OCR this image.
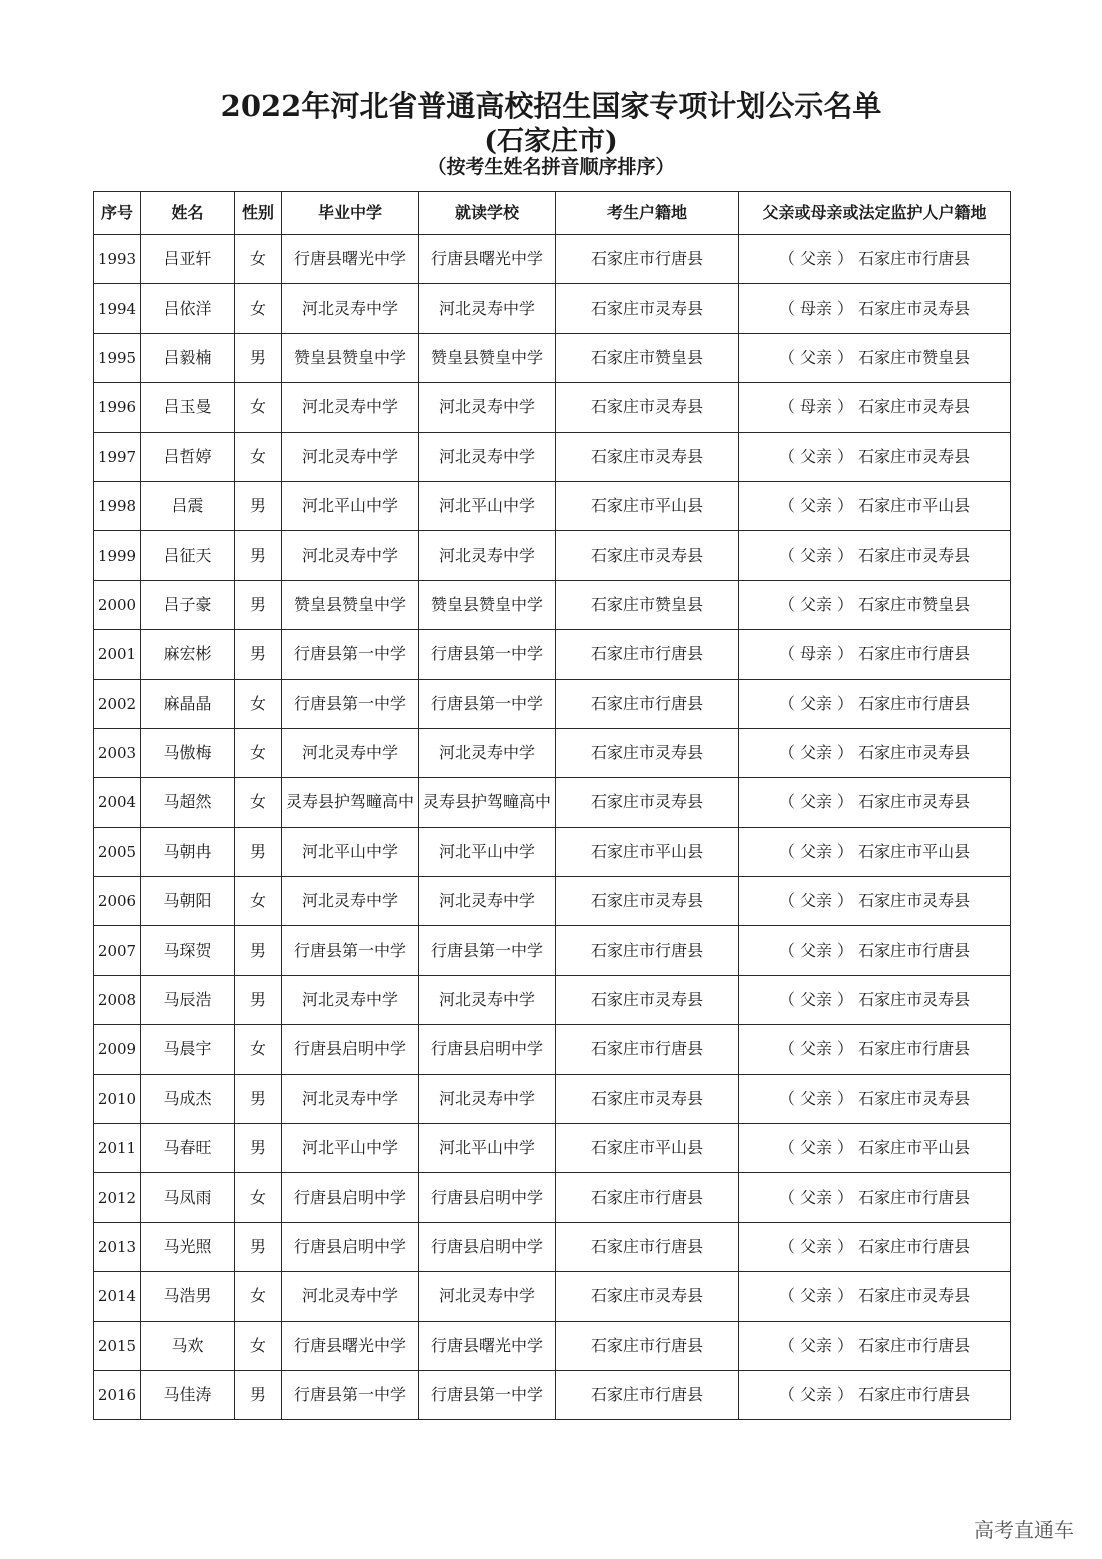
2022年河北省普通高校招生国家专项计划公示名单
(石家庄市)
（按考生姓名拼音顺序排序）
序号	姓名	性别	毕业中学	就读学校	考生户籍地	父亲或母亲或法定监护人户籍地
1993	吕亚轩	女	行唐县曙光中学	行唐县曙光中学	石家庄市行唐县	（ 父亲 ） 石家庄市行唐县
1994	吕依洋	女	河北灵寿中学	河北灵寿中学	石家庄市灵寿县	（ 母亲 ） 石家庄市灵寿县
1995	吕毅楠	男	赞皇县赞皇中学	赞皇县赞皇中学	石家庄市赞皇县	（ 父亲 ） 石家庄市赞皇县
1996	吕玉曼	女	河北灵寿中学	河北灵寿中学	石家庄市灵寿县	（ 母亲 ） 石家庄市灵寿县
1997	吕哲婷	女	河北灵寿中学	河北灵寿中学	石家庄市灵寿县	（ 父亲 ） 石家庄市灵寿县
1998	吕震	男	河北平山中学	河北平山中学	石家庄市平山县	（ 父亲 ） 石家庄市平山县
1999	吕征天	男	河北灵寿中学	河北灵寿中学	石家庄市灵寿县	（ 父亲 ） 石家庄市灵寿县
2000	吕子豪	男	赞皇县赞皇中学	赞皇县赞皇中学	石家庄市赞皇县	（ 父亲 ） 石家庄市赞皇县
2001	麻宏彬	男	行唐县第一中学	行唐县第一中学	石家庄市行唐县	（ 母亲 ） 石家庄市行唐县
2002	麻晶晶	女	行唐县第一中学	行唐县第一中学	石家庄市行唐县	（ 父亲 ） 石家庄市行唐县
2003	马傲梅	女	河北灵寿中学	河北灵寿中学	石家庄市灵寿县	（ 父亲 ） 石家庄市灵寿县
2004	马超然	女	灵寿县护驾疃高中	灵寿县护驾疃高中	石家庄市灵寿县	（ 父亲 ） 石家庄市灵寿县
2005	马朝冉	男	河北平山中学	河北平山中学	石家庄市平山县	（ 父亲 ） 石家庄市平山县
2006	马朝阳	女	河北灵寿中学	河北灵寿中学	石家庄市灵寿县	（ 父亲 ） 石家庄市灵寿县
2007	马琛贺	男	行唐县第一中学	行唐县第一中学	石家庄市行唐县	（ 父亲 ） 石家庄市行唐县
2008	马辰浩	男	河北灵寿中学	河北灵寿中学	石家庄市灵寿县	（ 父亲 ） 石家庄市灵寿县
2009	马晨宇	女	行唐县启明中学	行唐县启明中学	石家庄市行唐县	（ 父亲 ） 石家庄市行唐县
2010	马成杰	男	河北灵寿中学	河北灵寿中学	石家庄市灵寿县	（ 父亲 ） 石家庄市灵寿县
2011	马春旺	男	河北平山中学	河北平山中学	石家庄市平山县	（ 父亲 ） 石家庄市平山县
2012	马凤雨	女	行唐县启明中学	行唐县启明中学	石家庄市行唐县	（ 父亲 ） 石家庄市行唐县
2013	马光照	男	行唐县启明中学	行唐县启明中学	石家庄市行唐县	（ 父亲 ） 石家庄市行唐县
2014	马浩男	女	河北灵寿中学	河北灵寿中学	石家庄市灵寿县	（ 父亲 ） 石家庄市灵寿县
2015	马欢	女	行唐县曙光中学	行唐县曙光中学	石家庄市行唐县	（ 父亲 ） 石家庄市行唐县
2016	马佳涛	男	行唐县第一中学	行唐县第一中学	石家庄市行唐县	（ 父亲 ） 石家庄市行唐县
高考直通车
